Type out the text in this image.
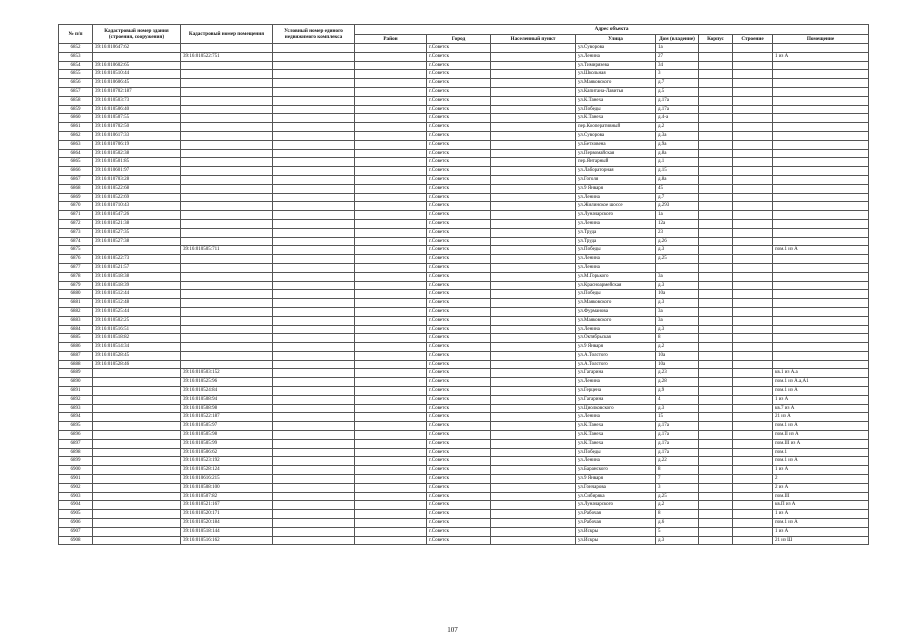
№ п/п	Кадастровый номер здания (строения, сооружения)	Кадастровый номер помещения	Условный номер единого недвижимого комплекса	Адрес объекта							
				Район	Город	Населенный пункт	Улица	Дом (владение)	Корпус	Строение	Помещение
6852	39:16:010647:62				г.Советск		ул.Суворова	1а			
6853		39:16:010522:751			г.Советск		ул.Ленина	27			1 из А
6854	39:16:010602:65				г.Советск		ул.Тимирязева	34			
6855	39:16:010510:44				г.Советск		ул.Школьная	3			
6856	39:16:010606:45				г.Советск		ул.Маяковского	д.7			
6857	39:16:010702:187				г.Советск		ул.Капитана-Лавитья	д.5			
6858	39:16:010503:73				г.Советск		ул.К.Танеха	д.17а			
6859	39:16:010506:40				г.Советск		ул.Победы	д.17а			
6860	39:16:010507:55				г.Советск		ул.К.Танеха	д.4-а			
6861	39:16:010702:50				г.Советск		пер.Кооперативный	д.2			
6862	39:16:010617:33				г.Советск		ул.Суворова	д.3а			
6863	39:16:010706:19				г.Советск		ул.Бетховена	д.9а			
6864	39:16:010502:38				г.Советск		ул.Первомайская	д.8а			
6865	39:16:010501:85				г.Советск		пер.Янтарный	д.1			
6866	39:16:010601:97				г.Советск		ул.Лабораторная	д.15			
6867	39:16:010703:28				г.Советск		ул.Гоголя	д.8а			
6868	39:16:010522:68				г.Советск		ул.9 Января	45			
6869	39:16:010522:69				г.Советск		ул.Ленина	д.7			
6870	39:16:010710:43				г.Советск		ул.Жилинское шоссе	д.293			
6871	39:16:010547:26				г.Советск		ул.Луначарского	1а			
6872	39:16:010521:38				г.Советск		ул.Ленина	12а			
6873	39:16:010527:35				г.Советск		ул.Труда	23			
6874	39:16:010527:38				г.Советск		ул.Труда	д.26			
6875		39:16:010505:711			г.Советск		ул.Победы	д.3			пом.1 из А
6876	39:16:010522:73				г.Советск		ул.Ленина	д.25			
6877	39:16:010521:57				г.Советск		ул.Ленина				
6878	39:16:010518:38				г.Советск		ул.М.Горького	3а			
6879	39:16:010518:39				г.Советск		ул.Красноармейская	д.3			
6880	39:16:010512:44				г.Советск		ул.Победы	10а			
6881	39:16:010512:48				г.Советск		ул.Маяковского	д.3			
6882	39:16:010525:44				г.Советск		ул.Фурманова	3а			
6883	39:16:010502:25				г.Советск		ул.Маяковского	3а			
6884	39:16:010516:51				г.Советск		ул.Ленина	д.3			
6885	39:16:010518:82				г.Советск		ул.Октябрьская	8			
6886	39:16:010514:34				г.Советск		ул.9 Января	д.2			
6887	39:16:010528:45				г.Советск		ул.А.Толстого	10а			
6888	39:16:010528:46				г.Советск		ул.А.Толстого	10а			
6889		39:16:010503:152			г.Советск		ул.Гагарина	д.23			кв.1 из А.а
6890		39:16:010525:96			г.Советск		ул.Ленина	д.28			пом.1 из А.а,А1
6891		39:16:010524:84			г.Советск		ул.Герцена	д.9			пом.1 из А
6892		39:16:010508:94			г.Советск		ул.Гагарина	4			1 из А
6893		39:16:010508:98			г.Советск		ул.Циолковского	д.3			кв.7 из А
6894		39:16:010522:187			г.Советск		ул.Ленина	15			21 из А
6895		39:16:010505:97			г.Советск		ул.К.Танеха	д.17а			пом.1 из А
6896		39:16:010505:98			г.Советск		ул.К.Танеха	д.17а			пом.II из А
6897		39:16:010505:99			г.Советск		ул.К.Танеха	д.17а			пом.III из А
6898		39:16:010506:62			г.Советск		ул.Победы	д.17а			пом.1
6899		39:16:010523:192			г.Советск		ул.Ленина	д.22			пом.1 из А
6900		39:16:010528:124			г.Советск		ул.Баранского	8			1 из А
6901		39:16:010616:215			г.Советск		ул.9 Января	7			2
6902		39:16:010508:100			г.Советск		ул.Гончарова	3			2 из А
6903		39:16:010507:82			г.Советск		ул.Сибиряка	д.25			пом.III
6904		39:16:010521:167			г.Советск		ул.Луначарского	д.2			кв.П из А
6905		39:16:010520:171			г.Советск		ул.Рабочая	8			1 из А
6906		39:16:010520:184			г.Советск		ул.Рабочая	д.6			пом.1 из А
6907		39:16:010518:144			г.Советск		ул.Искры	5			1 из А
6908		39:16:010516:162			г.Советск		ул.Искры	д.3			21 из Ш
107
